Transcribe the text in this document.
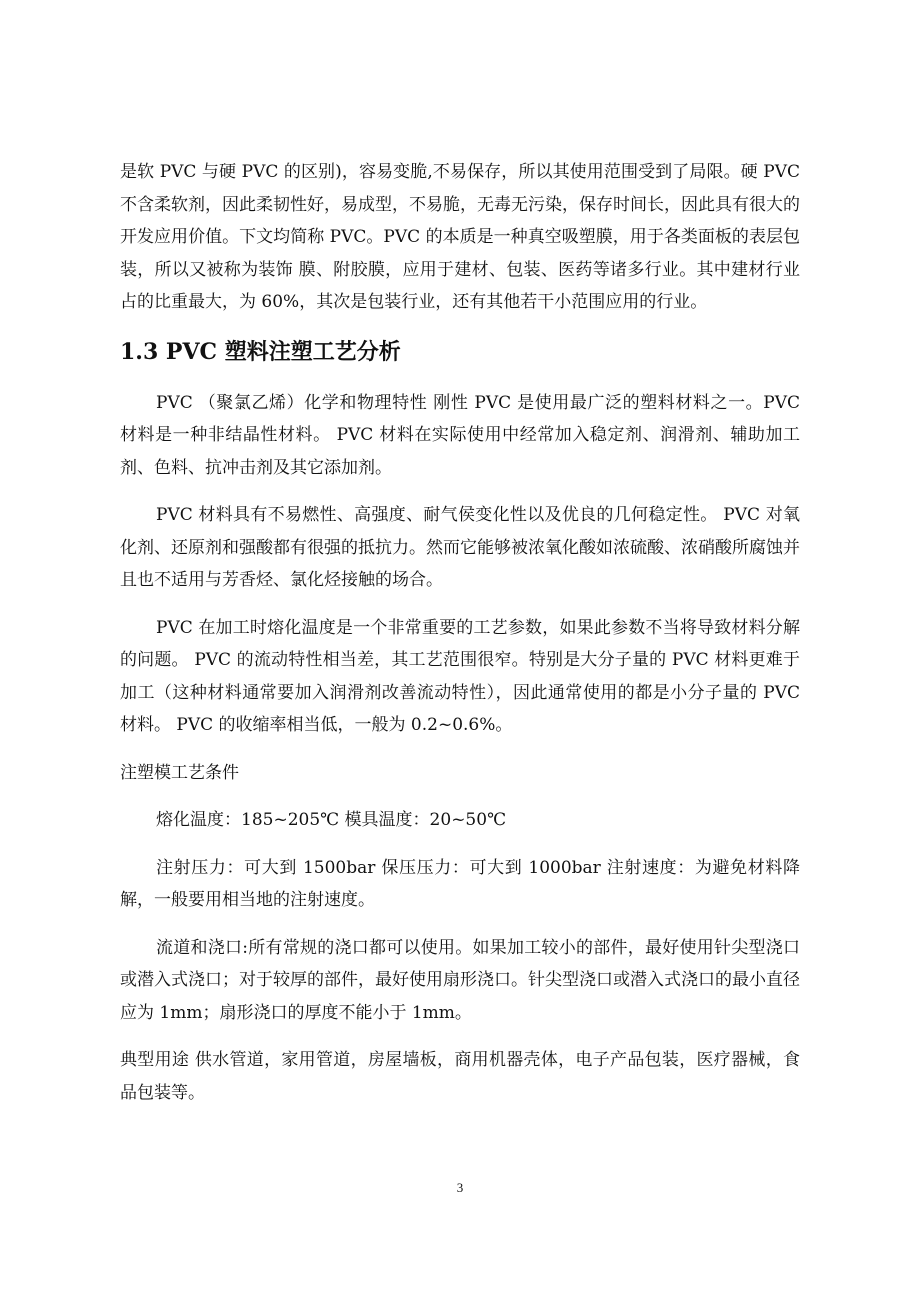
是软 PVC 与硬 PVC 的区别)，容易变脆,不易保存，所以其使用范围受到了局限。硬 PVC 不含柔软剂，因此柔韧性好，易成型，不易脆，无毒无污染，保存时间长，因此具有很大的 开发应用价值。下文均简称 PVC。PVC 的本质是一种真空吸塑膜，用于各类面板的表层包装，所以又被称为装饰 膜、附胶膜，应用于建材、包装、医药等诸多行业。其中建材行业占的比重最大，为 60%，其次是包装行业，还有其他若干小范围应用的行业。

1.3 PVC 塑料注塑工艺分析

PVC （聚氯乙烯）化学和物理特性 刚性 PVC 是使用最广泛的塑料材料之一。PVC 材料是一种非结晶性材料。 PVC 材料在实际使用中经常加入稳定剂、润滑剂、辅助加工剂、色料、抗冲击剂及其它添加剂。

PVC 材料具有不易燃性、高强度、耐气侯变化性以及优良的几何稳定性。 PVC 对氧化剂、还原剂和强酸都有很强的抵抗力。然而它能够被浓氧化酸如浓硫酸、浓硝酸所腐蚀并且也不适用与芳香烃、氯化烃接触的场合。

PVC 在加工时熔化温度是一个非常重要的工艺参数，如果此参数不当将导致材料分解的问题。 PVC 的流动特性相当差，其工艺范围很窄。特别是大分子量的 PVC 材料更难于加工（这种材料通常要加入润滑剂改善流动特性），因此通常使用的都是小分子量的 PVC 材料。 PVC 的收缩率相当低，一般为 0.2~0.6%。

注塑模工艺条件

熔化温度：185~205℃ 模具温度：20~50℃

注射压力：可大到 1500bar 保压压力：可大到 1000bar 注射速度：为避免材料降解，一般要用相当地的注射速度。

流道和浇口:所有常规的浇口都可以使用。如果加工较小的部件，最好使用针尖型浇口或潜入式浇口；对于较厚的部件，最好使用扇形浇口。针尖型浇口或潜入式浇口的最小直径应为 1mm；扇形浇口的厚度不能小于 1mm。

典型用途 供水管道，家用管道，房屋墙板，商用机器壳体，电子产品包装，医疗器械，食品包装等。

3
